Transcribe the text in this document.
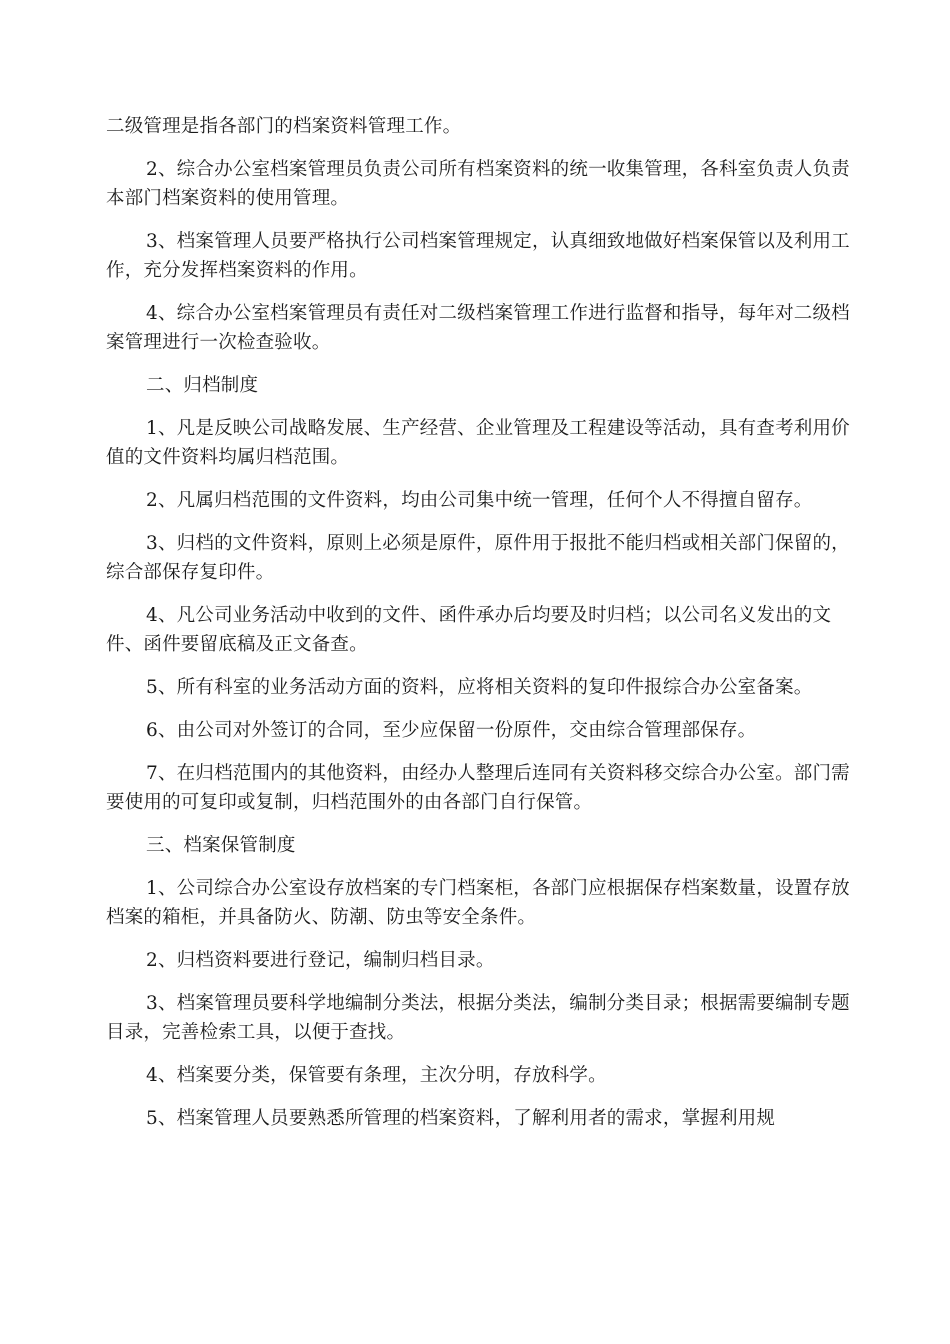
二级管理是指各部门的档案资料管理工作。

2、综合办公室档案管理员负责公司所有档案资料的统一收集管理，各科室负责人负责本部门档案资料的使用管理。

3、档案管理人员要严格执行公司档案管理规定，认真细致地做好档案保管以及利用工作，充分发挥档案资料的作用。

4、综合办公室档案管理员有责任对二级档案管理工作进行监督和指导，每年对二级档案管理进行一次检查验收。

二、归档制度

1、凡是反映公司战略发展、生产经营、企业管理及工程建设等活动，具有查考利用价值的文件资料均属归档范围。

2、凡属归档范围的文件资料，均由公司集中统一管理，任何个人不得擅自留存。

3、归档的文件资料，原则上必须是原件，原件用于报批不能归档或相关部门保留的，综合部保存复印件。

4、凡公司业务活动中收到的文件、函件承办后均要及时归档；以公司名义发出的文件、函件要留底稿及正文备查。

5、所有科室的业务活动方面的资料，应将相关资料的复印件报综合办公室备案。

6、由公司对外签订的合同，至少应保留一份原件，交由综合管理部保存。

7、在归档范围内的其他资料，由经办人整理后连同有关资料移交综合办公室。部门需要使用的可复印或复制，归档范围外的由各部门自行保管。

三、档案保管制度

1、公司综合办公室设存放档案的专门档案柜，各部门应根据保存档案数量，设置存放档案的箱柜，并具备防火、防潮、防虫等安全条件。

2、归档资料要进行登记，编制归档目录。

3、档案管理员要科学地编制分类法，根据分类法，编制分类目录；根据需要编制专题目录，完善检索工具，以便于查找。

4、档案要分类，保管要有条理，主次分明，存放科学。

5、档案管理人员要熟悉所管理的档案资料，了解利用者的需求，掌握利用规
